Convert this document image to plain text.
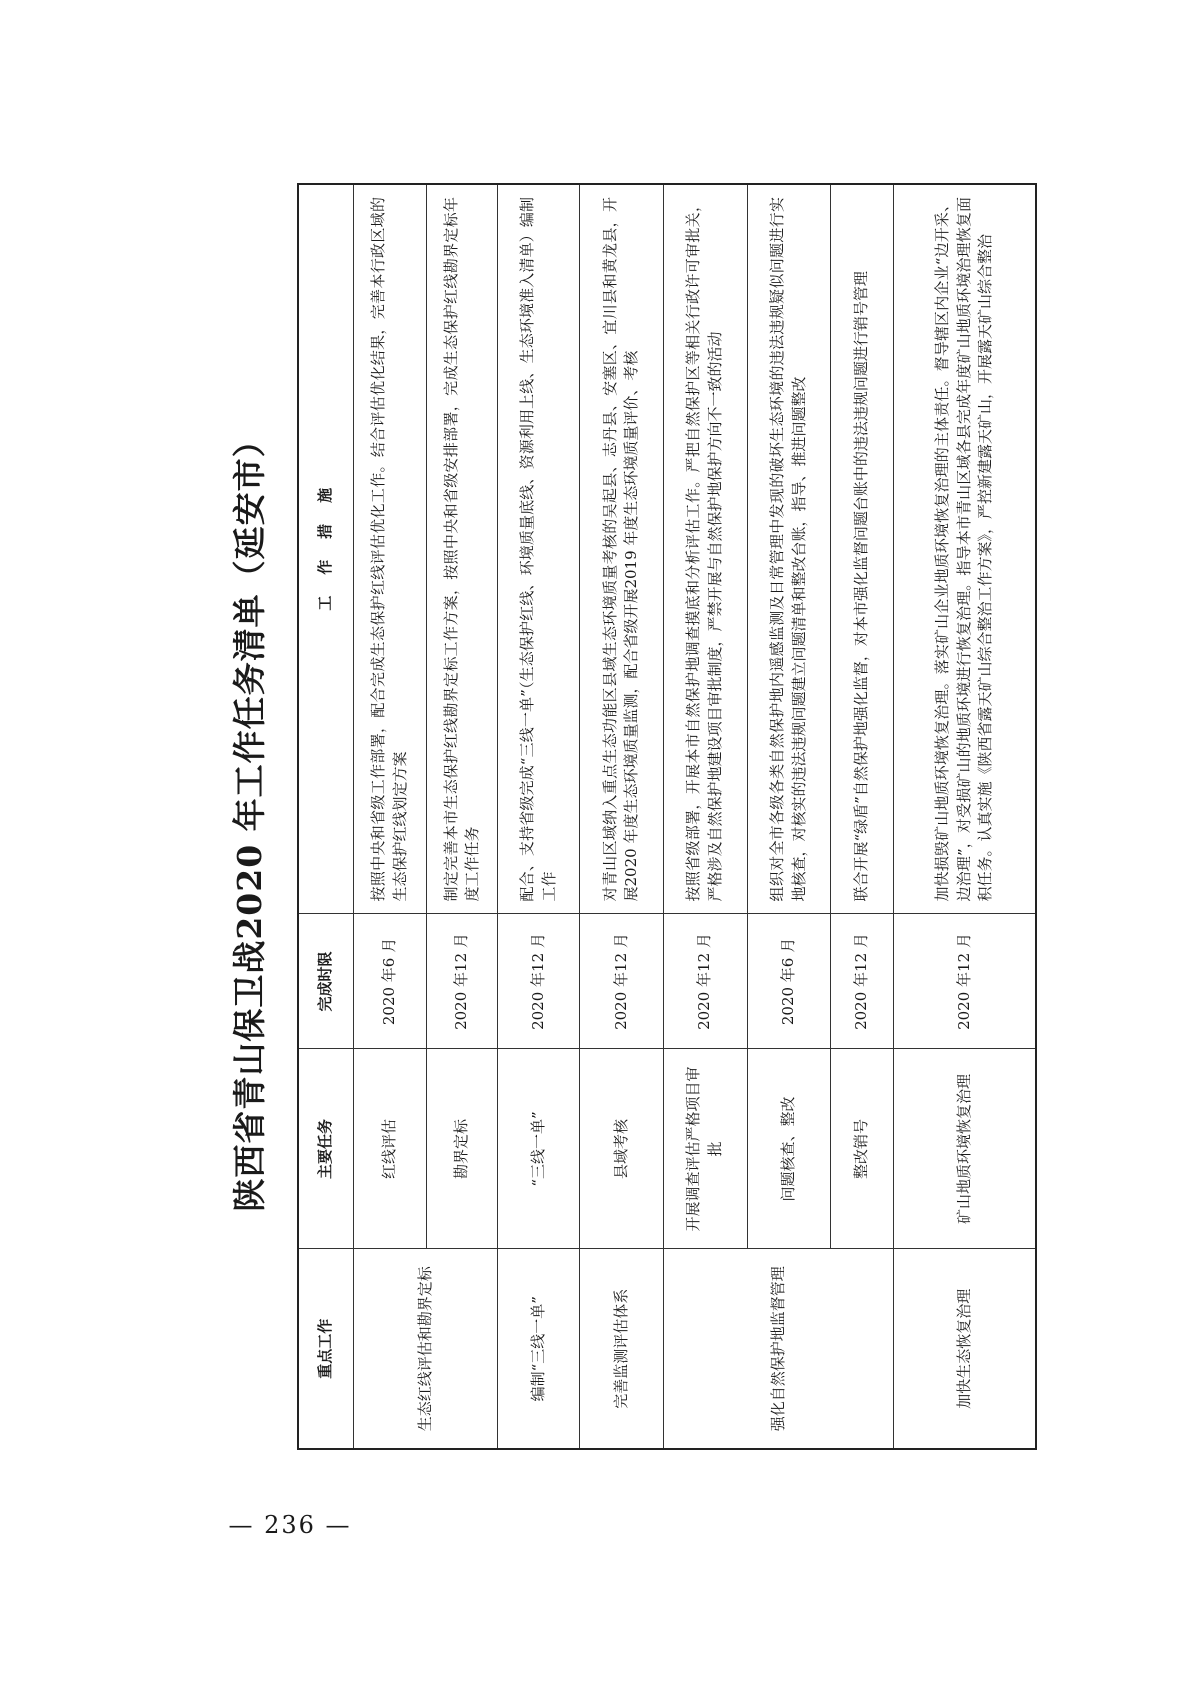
— 236 —
陕西省青山保卫战2020 年工作任务清单（延安市）
重点工作	主要任务	完成时限	工    作    措    施
生态红线评估和勘界定标	红线评估	2020 年6 月	按照中央和省级工作部署，配合完成生态保护红线评估优化工作。结合评估优化结果，完善本行政区域的生态保护红线划定方案
	勘界定标	2020 年12 月	制定完善本市生态保护红线勘界定标工作方案，按照中央和省级安排部署，完成生态保护红线勘界定标年度工作任务
编制“三线一单”	“三线一单”	2020 年12 月	配合、支持省级完成“三线一单”（生态保护红线、环境质量底线、资源利用上线、生态环境准入清单）编制工作
完善监测评估体系	县域考核	2020 年12 月	对青山区域纳入重点生态功能区县域生态环境质量考核的吴起县、志丹县、安塞区、宜川县和黄龙县，开展2020 年度生态环境质量监测，配合省级开展2019 年度生态环境质量评价、考核
强化自然保护地监督管理	开展调查评估严格项目审批	2020 年12 月	按照省级部署，开展本市自然保护地调查摸底和分析评估工作。严把自然保护区等相关行政许可审批关，严格涉及自然保护地建设项目审批制度，严禁开展与自然保护地保护方向不一致的活动
	问题核查、整改	2020 年6 月	组织对全市各级各类自然保护地内遥感监测及日常管理中发现的破坏生态环境的违法违规疑似问题进行实地核查，对核实的违法违规问题建立问题清单和整改台账，指导、推进问题整改
	整改销号	2020 年12 月	联合开展“绿盾”自然保护地强化监督，对本市强化监督问题台账中的违法违规问题进行销号管理
加快生态恢复治理	矿山地质环境恢复治理	2020 年12 月	加快损毁矿山地质环境恢复治理。落实矿山企业地质环境恢复治理的主体责任。督导辖区内企业“边开采、边治理”，对受损矿山的地质环境进行恢复治理。指导本市青山区域各县完成年度矿山地质环境治理恢复面积任务。认真实施《陕西省露天矿山综合整治工作方案》，严控新建露天矿山，开展露天矿山综合整治
